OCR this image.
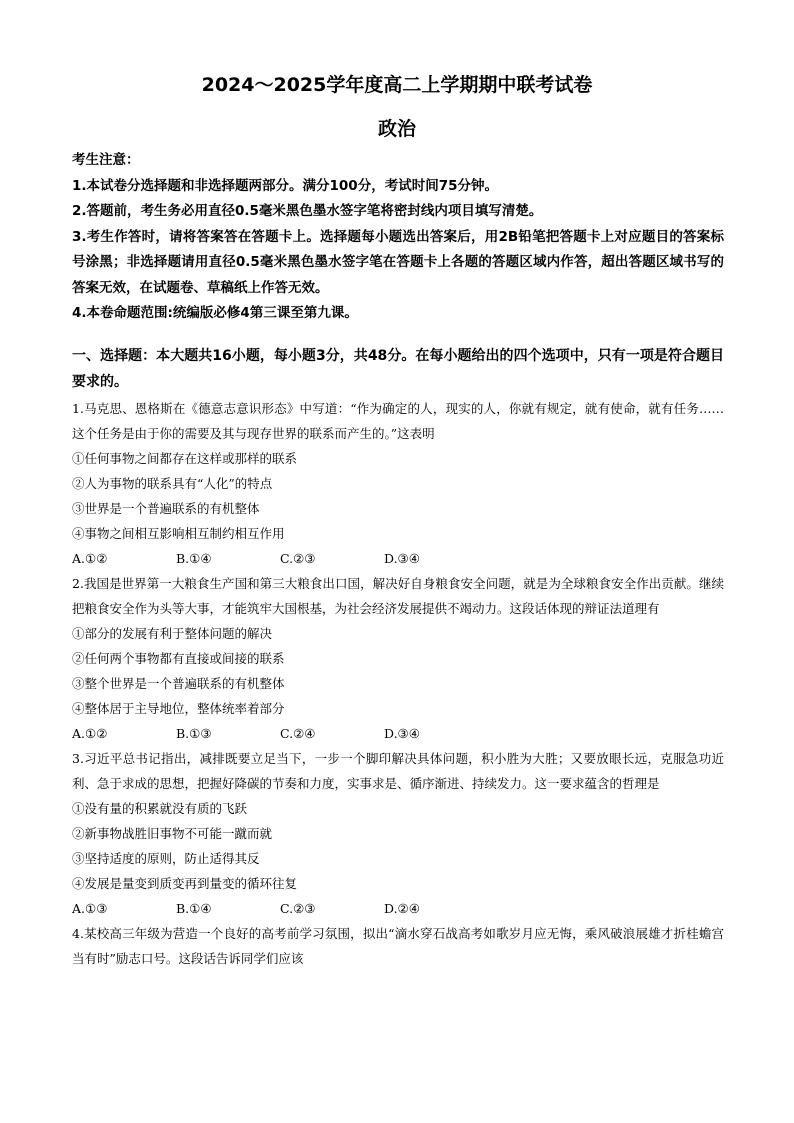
2024～2025学年度高二上学期期中联考试卷
政治

考生注意：

1.本试卷分选择题和非选择题两部分。满分100分，考试时间75分钟。

2.答题前，考生务必用直径0.5毫米黑色墨水签字笔将密封线内项目填写清楚。

3.考生作答时，请将答案答在答题卡上。选择题每小题选出答案后，用2B铅笔把答题卡上对应题目的答案标号涂黑；非选择题请用直径0.5毫米黑色墨水签字笔在答题卡上各题的答题区域内作答，超出答题区域书写的答案无效，在试题卷、草稿纸上作答无效。

4.本卷命题范围:统编版必修4第三课至第九课。

一、选择题：本大题共16小题，每小题3分，共48分。在每小题给出的四个选项中，只有一项是符合题目要求的。

1.马克思、恩格斯在《德意志意识形态》中写道：“作为确定的人，现实的人，你就有规定，就有使命，就有任务……这个任务是由于你的需要及其与现存世界的联系而产生的。”这表明

①任何事物之间都存在这样或那样的联系

②人为事物的联系具有“人化”的特点

③世界是一个普遍联系的有机整体

④事物之间相互影响相互制约相互作用

A.①②	B.①④	C.②③	D.③④

2.我国是世界第一大粮食生产国和第三大粮食出口国，解决好自身粮食安全问题，就是为全球粮食安全作出贡献。继续把粮食安全作为头等大事，才能筑牢大国根基，为社会经济发展提供不竭动力。这段话体现的辩证法道理有

①部分的发展有利于整体问题的解决

②任何两个事物都有直接或间接的联系

③整个世界是一个普遍联系的有机整体

④整体居于主导地位，整体统率着部分

A.①②	B.①③	C.②④	D.③④

3.习近平总书记指出，减排既要立足当下，一步一个脚印解决具体问题，积小胜为大胜；又要放眼长远，克服急功近利、急于求成的思想，把握好降碳的节奏和力度，实事求是、循序渐进、持续发力。这一要求蕴含的哲理是

①没有量的积累就没有质的飞跃

②新事物战胜旧事物不可能一蹴而就

③坚持适度的原则，防止适得其反

④发展是量变到质变再到量变的循环往复

A.①③	B.①④	C.②③	D.②④

4.某校高三年级为营造一个良好的高考前学习氛围，拟出“滴水穿石战高考如歌岁月应无悔，乘风破浪展雄才折桂蟾宫当有时”励志口号。这段话告诉同学们应该
